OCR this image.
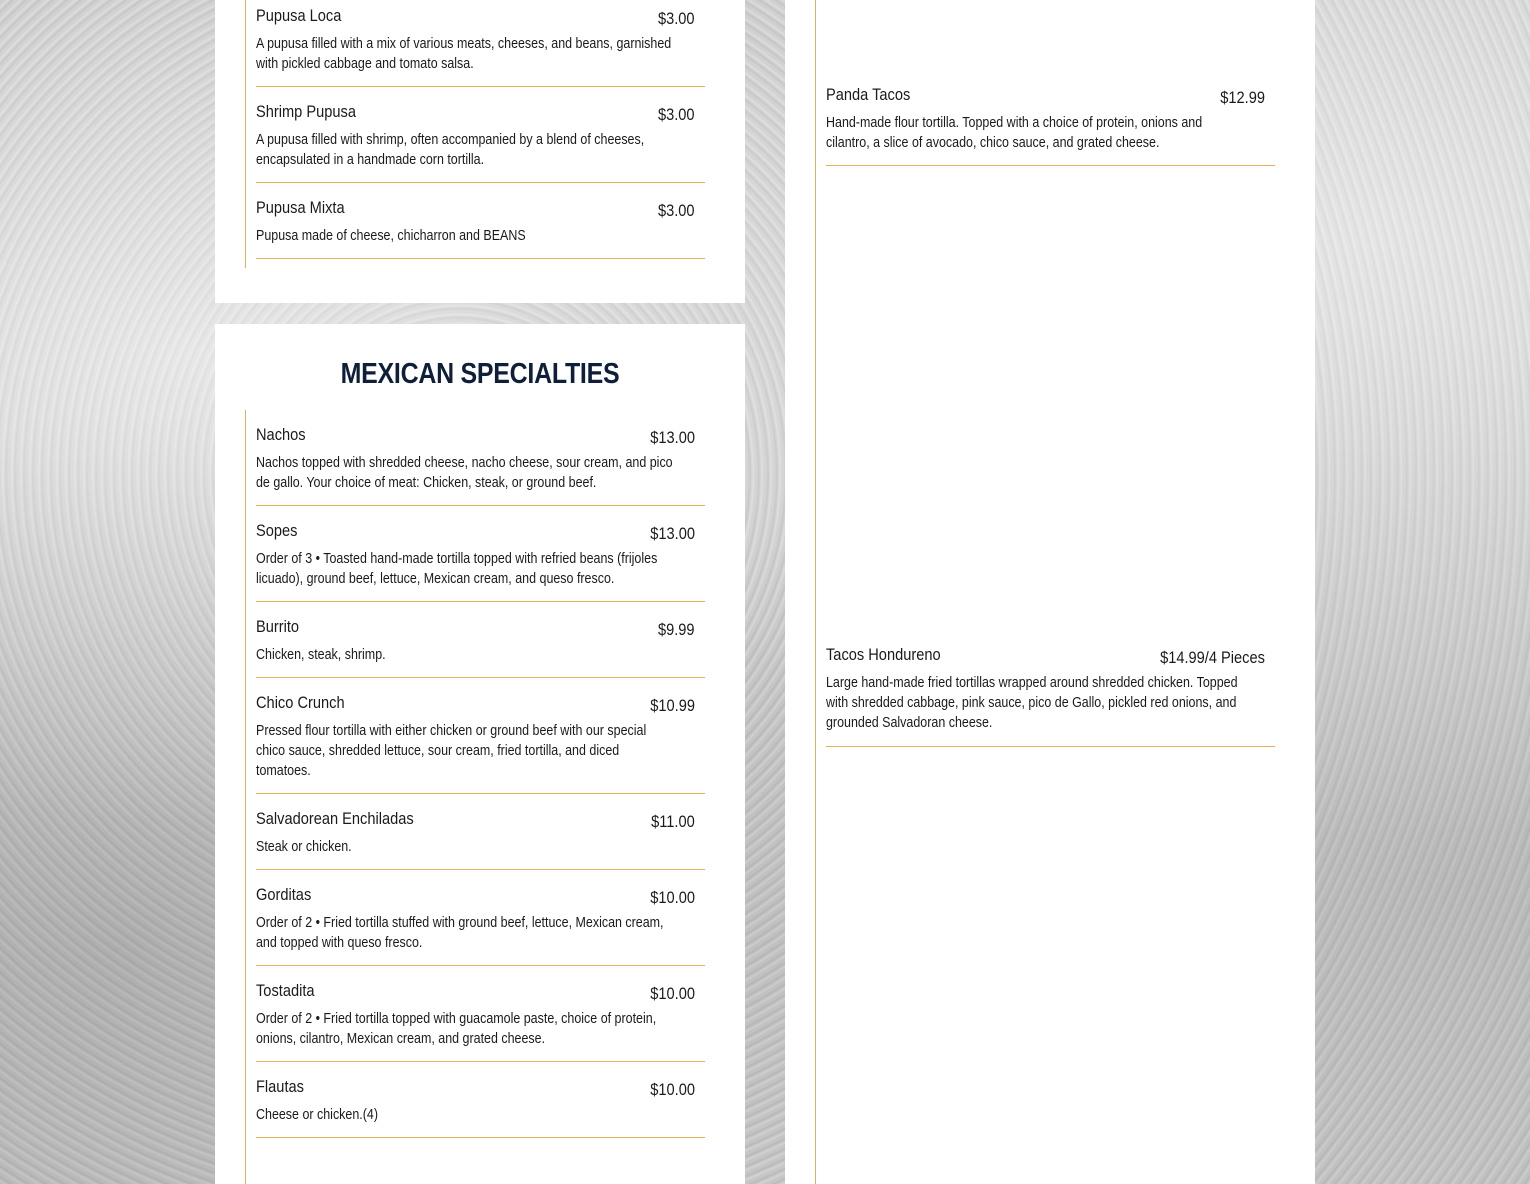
Pupusa Loca	$3.00
A pupusa filled with a mix of various meats, cheeses, and beans, garnished with pickled cabbage and tomato salsa.
Shrimp Pupusa	$3.00
A pupusa filled with shrimp, often accompanied by a blend of cheeses, encapsulated in a handmade corn tortilla.
Pupusa Mixta	$3.00
Pupusa made of cheese, chicharron and BEANS
MEXICAN SPECIALTIES
Nachos	$13.00
Nachos topped with shredded cheese, nacho cheese, sour cream, and pico de gallo. Your choice of meat: Chicken, steak, or ground beef.
Sopes	$13.00
Order of 3 • Toasted hand-made tortilla topped with refried beans (frijoles licuado), ground beef, lettuce, Mexican cream, and queso fresco.
Burrito	$9.99
Chicken, steak, shrimp.
Chico Crunch	$10.99
Pressed flour tortilla with either chicken or ground beef with our special chico sauce, shredded lettuce, sour cream, fried tortilla, and diced tomatoes.
Salvadorean Enchiladas	$11.00
Steak or chicken.
Gorditas	$10.00
Order of 2 • Fried tortilla stuffed with ground beef, lettuce, Mexican cream, and topped with queso fresco.
Tostadita	$10.00
Order of 2 • Fried tortilla topped with guacamole paste, choice of protein, onions, cilantro, Mexican cream, and grated cheese.
Flautas	$10.00
Cheese or chicken.(4)
Panda Tacos	$12.99
Hand-made flour tortilla. Topped with a choice of protein, onions and cilantro, a slice of avocado, chico sauce, and grated cheese.
Tacos Hondureno	$14.99/4 Pieces
Large hand-made fried tortillas wrapped around shredded chicken. Topped with shredded cabbage, pink sauce, pico de Gallo, pickled red onions, and grounded Salvadoran cheese.
